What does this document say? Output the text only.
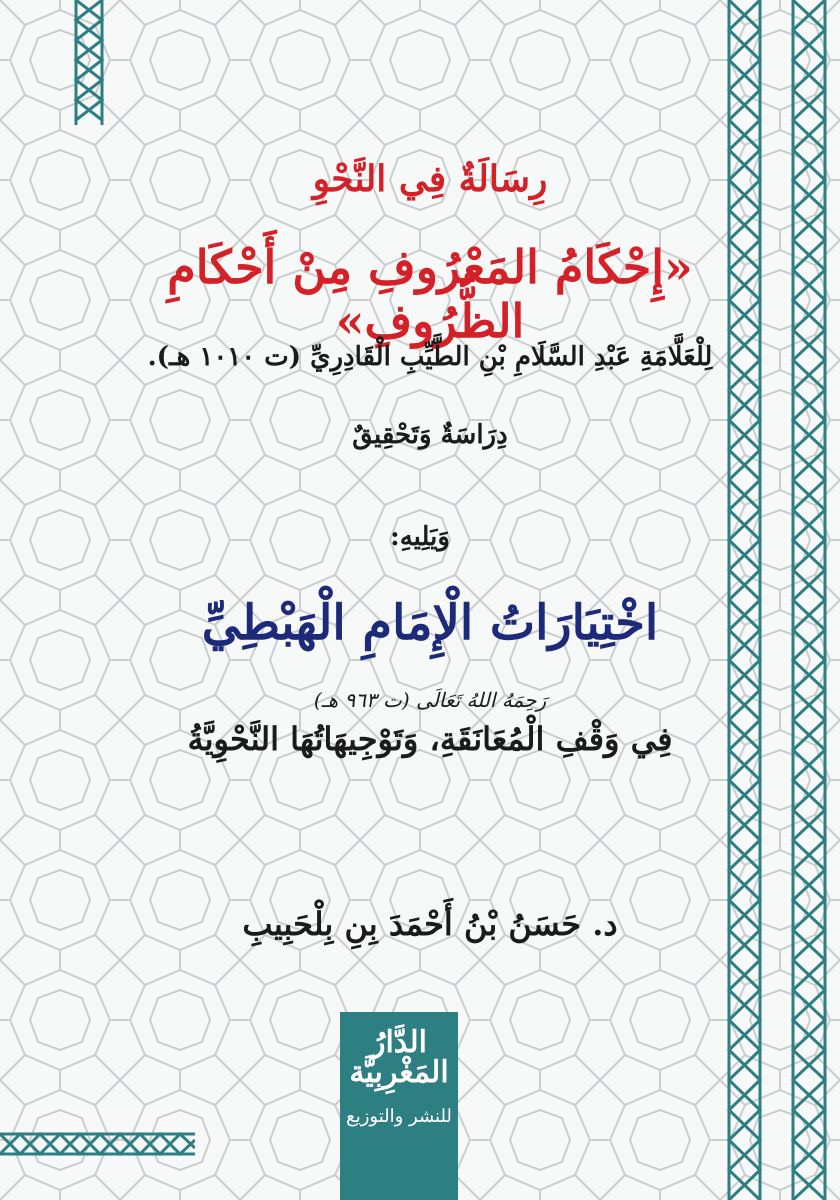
رِسَالَةٌ فِي النَّحْوِ
«إِحْكَامُ المَعْرُوفِ مِنْ أَحْكَامِ الظُّرُوفِ»
لِلْعَلَّامَةِ عَبْدِ السَّلَامِ بْنِ الطَّيِّبِ الْقَادِرِيِّ (ت ١٠١٠ هـ).
دِرَاسَةٌ وَتَحْقِيقٌ
وَيَلِيهِ:
اخْتِيَارَاتُ الْإِمَامِ الْهَبْطِيِّ
رَحِمَهُ اللهُ تَعَالَى (ت ٩٦٣ هـ)
فِي وَقْفِ الْمُعَانَقَةِ، وَتَوْجِيهَاتُهَا النَّحْوِيَّةُ
د. حَسَنُ بْنُ أَحْمَدَ بِنِ بِلْحَبِيبِ
الدَّارُ المَغْرِبِيَّة
للنشر والتوزيع
